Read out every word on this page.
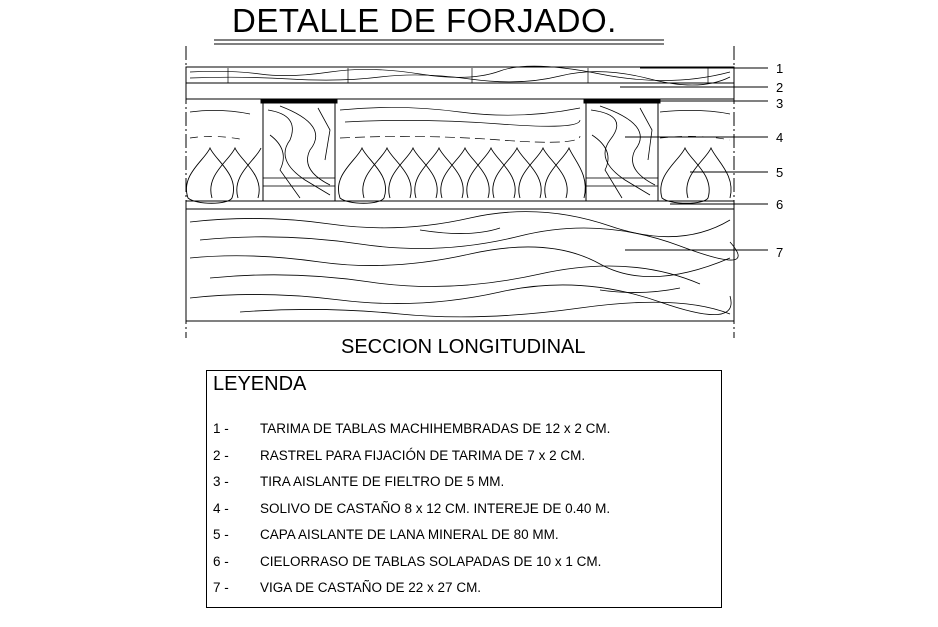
DETALLE DE FORJADO.
1
2
3
4
5
6
7
SECCION LONGITUDINAL
LEYENDA
1 - TARIMA DE TABLAS MACHIHEMBRADAS DE 12 x 2 CM.
2 - RASTREL PARA FIJACIÓN DE TARIMA DE 7 x 2 CM.
3 - TIRA AISLANTE DE FIELTRO DE 5 MM.
4 - SOLIVO DE CASTAÑO 8 x 12 CM. INTEREJE DE 0.40 M.
5 - CAPA AISLANTE DE LANA MINERAL DE 80 MM.
6 - CIELORRASO DE TABLAS SOLAPADAS DE 10 x 1 CM.
7 - VIGA DE CASTAÑO DE 22 x 27 CM.
